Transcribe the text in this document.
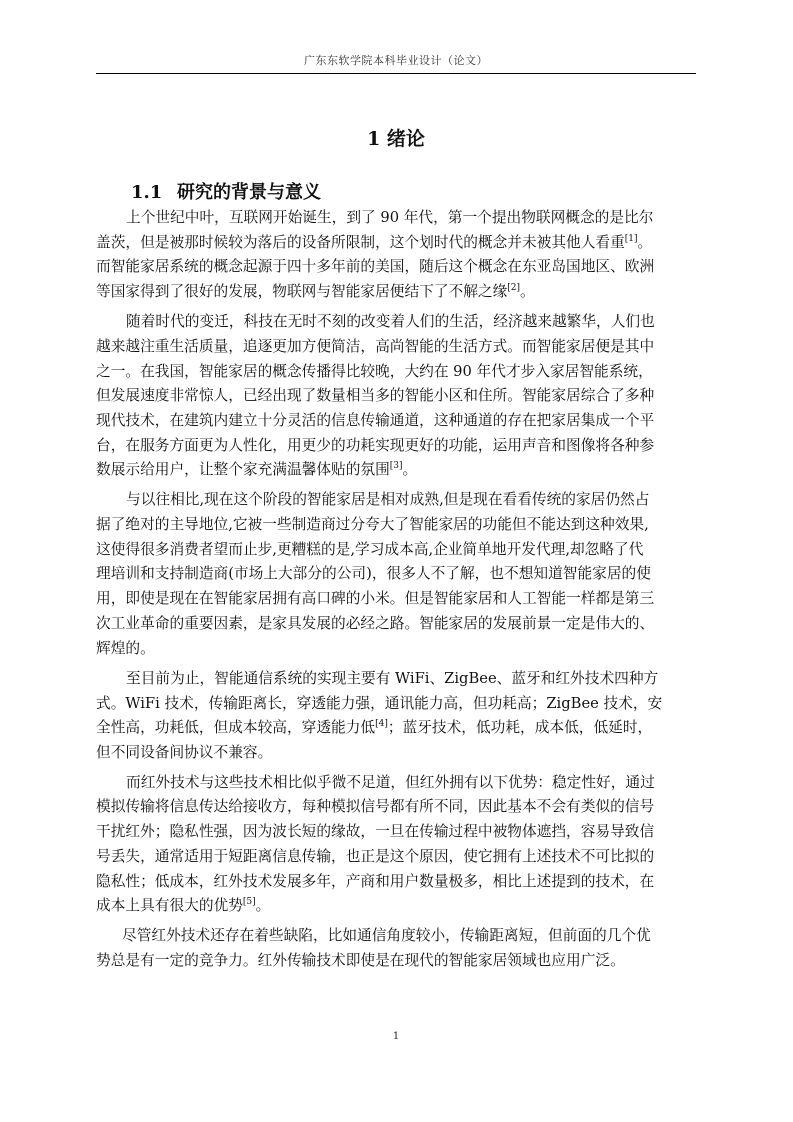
广东东软学院本科毕业设计（论文）
1 绪论
1.1 研究的背景与意义
上个世纪中叶，互联网开始诞生，到了 90 年代，第一个提出物联网概念的是比尔
盖茨，但是被那时候较为落后的设备所限制，这个划时代的概念并未被其他人看重[1]。
而智能家居系统的概念起源于四十多年前的美国，随后这个概念在东亚岛国地区、欧洲
等国家得到了很好的发展，物联网与智能家居便结下了不解之缘[2]。
随着时代的变迁，科技在无时不刻的改变着人们的生活，经济越来越繁华，人们也
越来越注重生活质量，追逐更加方便简洁，高尚智能的生活方式。而智能家居便是其中
之一。在我国，智能家居的概念传播得比较晚，大约在 90 年代才步入家居智能系统，
但发展速度非常惊人，已经出现了数量相当多的智能小区和住所。智能家居综合了多种
现代技术，在建筑内建立十分灵活的信息传输通道，这种通道的存在把家居集成一个平
台，在服务方面更为人性化，用更少的功耗实现更好的功能，运用声音和图像将各种参
数展示给用户，让整个家充满温馨体贴的氛围[3]。
与以往相比,现在这个阶段的智能家居是相对成熟,但是现在看看传统的家居仍然占
据了绝对的主导地位,它被一些制造商过分夸大了智能家居的功能但不能达到这种效果,
这使得很多消费者望而止步,更糟糕的是,学习成本高,企业简单地开发代理,却忽略了代
理培训和支持制造商(市场上大部分的公司)，很多人不了解，也不想知道智能家居的使
用，即使是现在在智能家居拥有高口碑的小米。但是智能家居和人工智能一样都是第三
次工业革命的重要因素，是家具发展的必经之路。智能家居的发展前景一定是伟大的、
辉煌的。
至目前为止，智能通信系统的实现主要有 WiFi、ZigBee、蓝牙和红外技术四种方
式。WiFi 技术，传输距离长，穿透能力强，通讯能力高，但功耗高；ZigBee 技术，安
全性高，功耗低，但成本较高，穿透能力低[4]；蓝牙技术，低功耗，成本低，低延时，
但不同设备间协议不兼容。
而红外技术与这些技术相比似乎微不足道，但红外拥有以下优势：稳定性好，通过
模拟传输将信息传达给接收方，每种模拟信号都有所不同，因此基本不会有类似的信号
干扰红外；隐私性强，因为波长短的缘故，一旦在传输过程中被物体遮挡，容易导致信
号丢失，通常适用于短距离信息传输，也正是这个原因，使它拥有上述技术不可比拟的
隐私性；低成本，红外技术发展多年，产商和用户数量极多，相比上述提到的技术，在
成本上具有很大的优势[5]。
尽管红外技术还存在着些缺陷，比如通信角度较小，传输距离短，但前面的几个优
势总是有一定的竞争力。红外传输技术即使是在现代的智能家居领域也应用广泛。
1
